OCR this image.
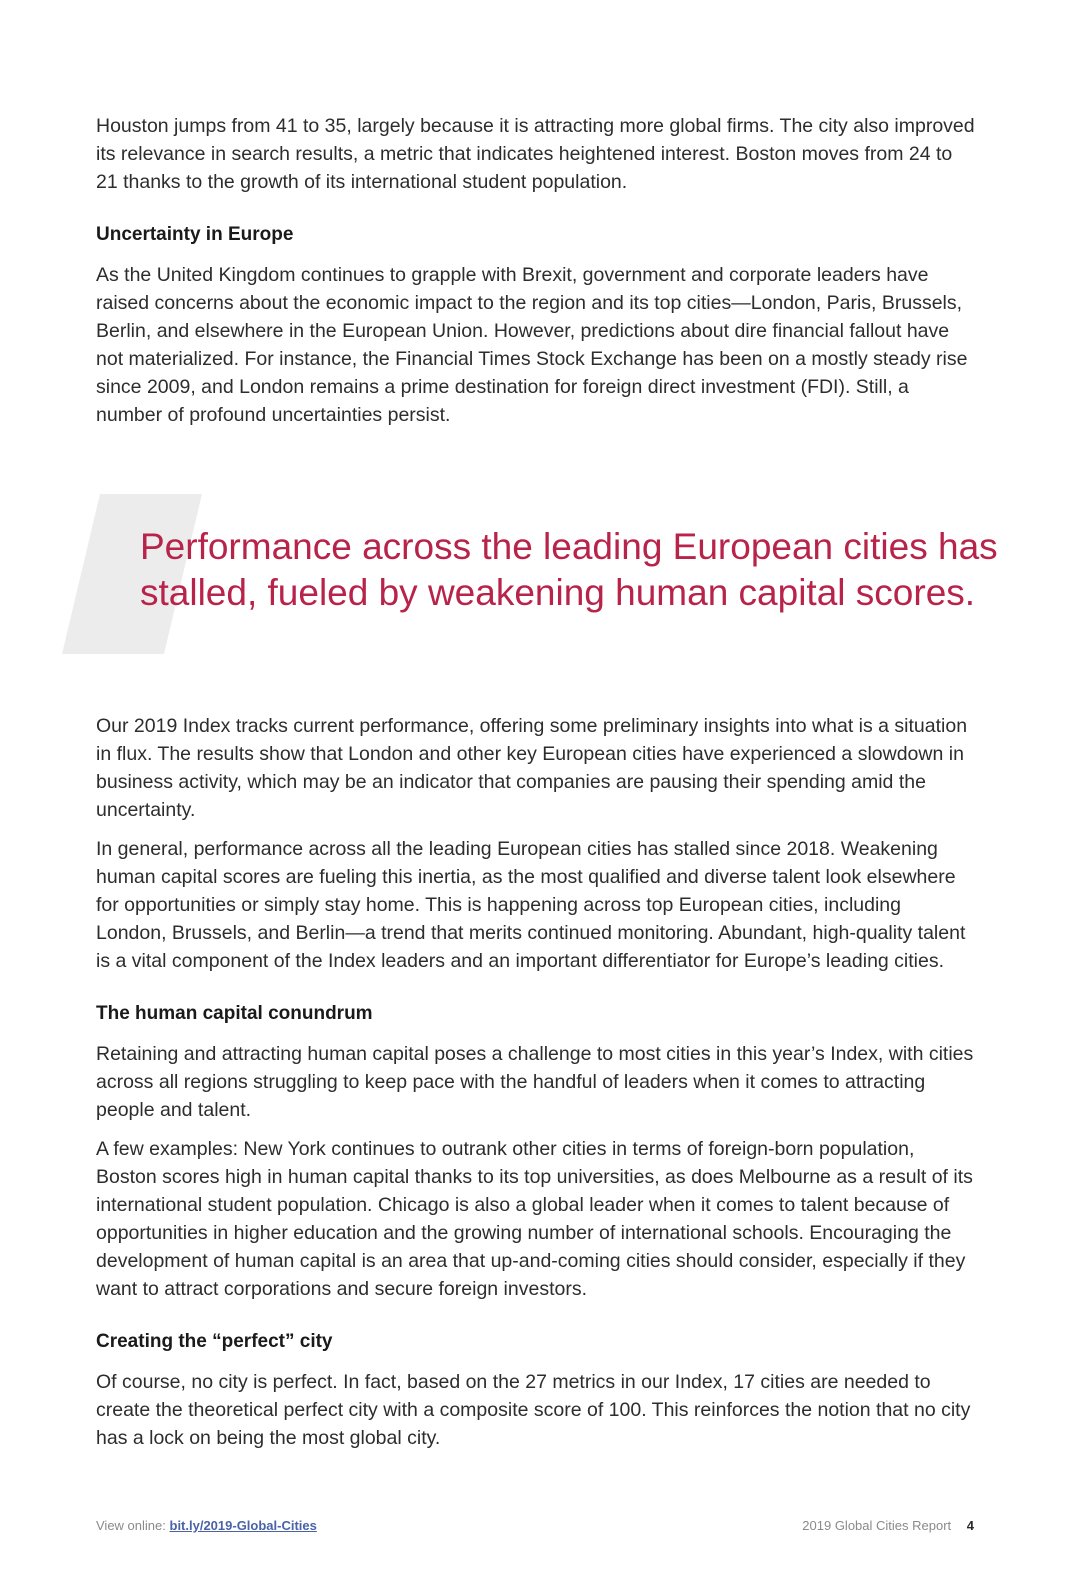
Houston jumps from 41 to 35, largely because it is attracting more global firms. The city also improved its relevance in search results, a metric that indicates heightened interest. Boston moves from 24 to 21 thanks to the growth of its international student population.

Uncertainty in Europe

As the United Kingdom continues to grapple with Brexit, government and corporate leaders have raised concerns about the economic impact to the region and its top cities—London, Paris, Brussels, Berlin, and elsewhere in the European Union. However, predictions about dire financial fallout have not materialized. For instance, the Financial Times Stock Exchange has been on a mostly steady rise since 2009, and London remains a prime destination for foreign direct investment (FDI). Still, a number of profound uncertainties persist.

Performance across the leading European cities has stalled, fueled by weakening human capital scores.

Our 2019 Index tracks current performance, offering some preliminary insights into what is a situation in flux. The results show that London and other key European cities have experienced a slowdown in business activity, which may be an indicator that companies are pausing their spending amid the uncertainty.

In general, performance across all the leading European cities has stalled since 2018. Weakening human capital scores are fueling this inertia, as the most qualified and diverse talent look elsewhere for opportunities or simply stay home. This is happening across top European cities, including London, Brussels, and Berlin—a trend that merits continued monitoring. Abundant, high-quality talent is a vital component of the Index leaders and an important differentiator for Europe’s leading cities.

The human capital conundrum

Retaining and attracting human capital poses a challenge to most cities in this year’s Index, with cities across all regions struggling to keep pace with the handful of leaders when it comes to attracting people and talent.

A few examples: New York continues to outrank other cities in terms of foreign-born population, Boston scores high in human capital thanks to its top universities, as does Melbourne as a result of its international student population. Chicago is also a global leader when it comes to talent because of opportunities in higher education and the growing number of international schools. Encouraging the development of human capital is an area that up-and-coming cities should consider, especially if they want to attract corporations and secure foreign investors.

Creating the “perfect” city

Of course, no city is perfect. In fact, based on the 27 metrics in our Index, 17 cities are needed to create the theoretical perfect city with a composite score of 100. This reinforces the notion that no city has a lock on being the most global city.

View online: bit.ly/2019-Global-Cities	2019 Global Cities Report 4
